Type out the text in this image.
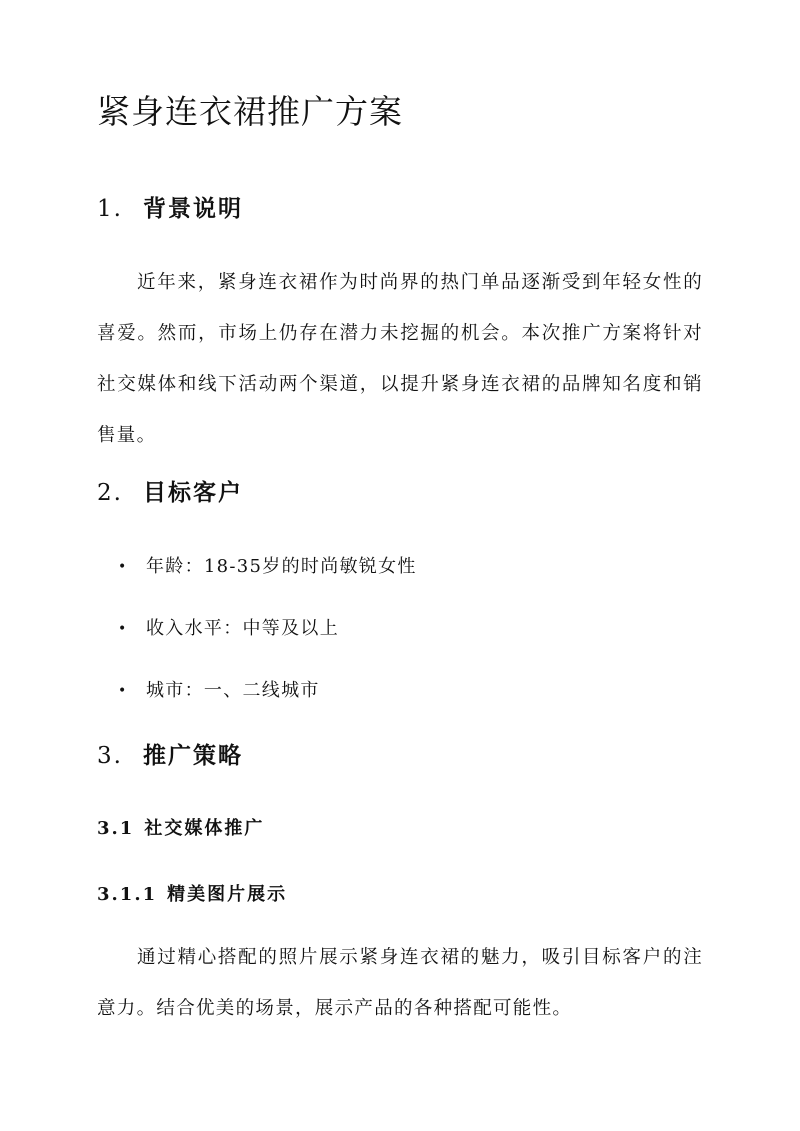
紧身连衣裙推广方案
1. 背景说明

近年来，紧身连衣裙作为时尚界的热门单品逐渐受到年轻女性的喜爱。然而，市场上仍存在潜力未挖掘的机会。本次推广方案将针对社交媒体和线下活动两个渠道，以提升紧身连衣裙的品牌知名度和销售量。

2. 目标客户
• 年龄：18-35岁的时尚敏锐女性
• 收入水平：中等及以上
• 城市：一、二线城市
3. 推广策略
3.1 社交媒体推广
3.1.1 精美图片展示

通过精心搭配的照片展示紧身连衣裙的魅力，吸引目标客户的注意力。结合优美的场景，展示产品的各种搭配可能性。
